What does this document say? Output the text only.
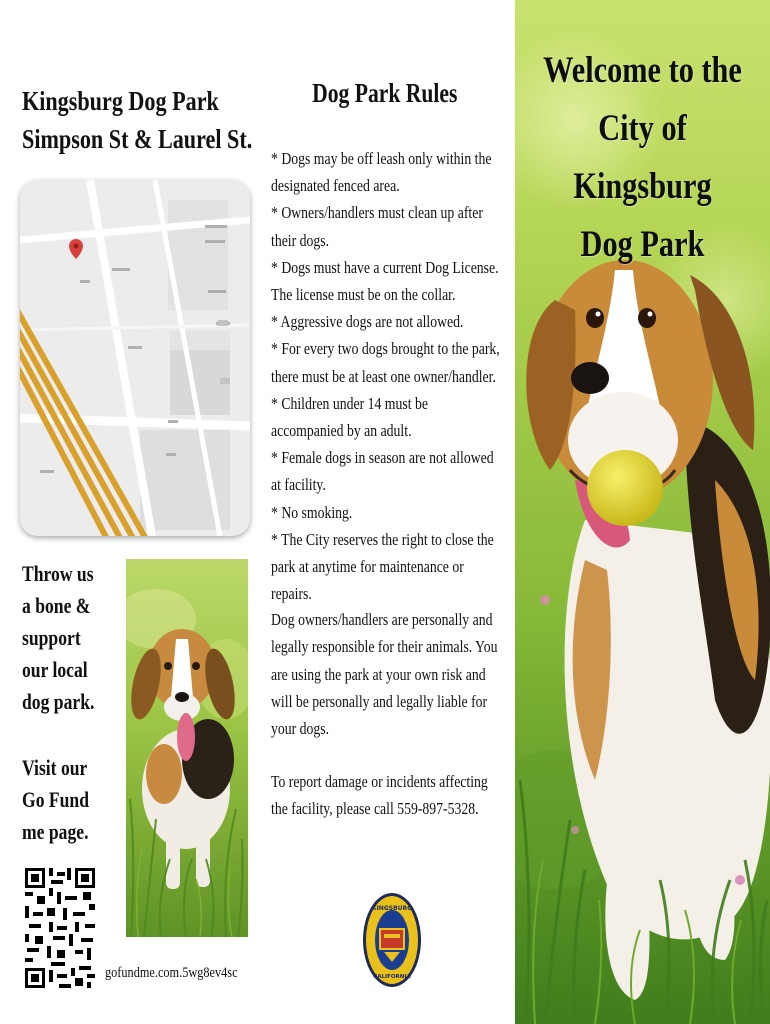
Kingsburg Dog Park
Simpson St & Laurel St.

Throw us a bone & support our local dog park.

Visit our Go Fund me page.

gofundme.com.5wg8ev4sc
Dog Park Rules
* Dogs may be off leash only within the designated fenced area.
* Owners/handlers must clean up after their dogs.
* Dogs must have a current Dog License. The license must be on the collar.
* Aggressive dogs are not allowed.
* For every two dogs brought to the park, there must be at least one owner/handler.
* Children under 14 must be accompanied by an adult.
* Female dogs in season are not allowed at facility.
* No smoking.
* The City reserves the right to close the park at anytime for maintenance or repairs.

Dog owners/handlers are personally and legally responsible for their animals. You are using the park at your own risk and will be personally and legally liable for your dogs.

To report damage or incidents affecting the facility, please call 559-897-5328.

KINGSBURG
CALIFORNIA
Welcome to the
City of
Kingsburg
Dog Park
